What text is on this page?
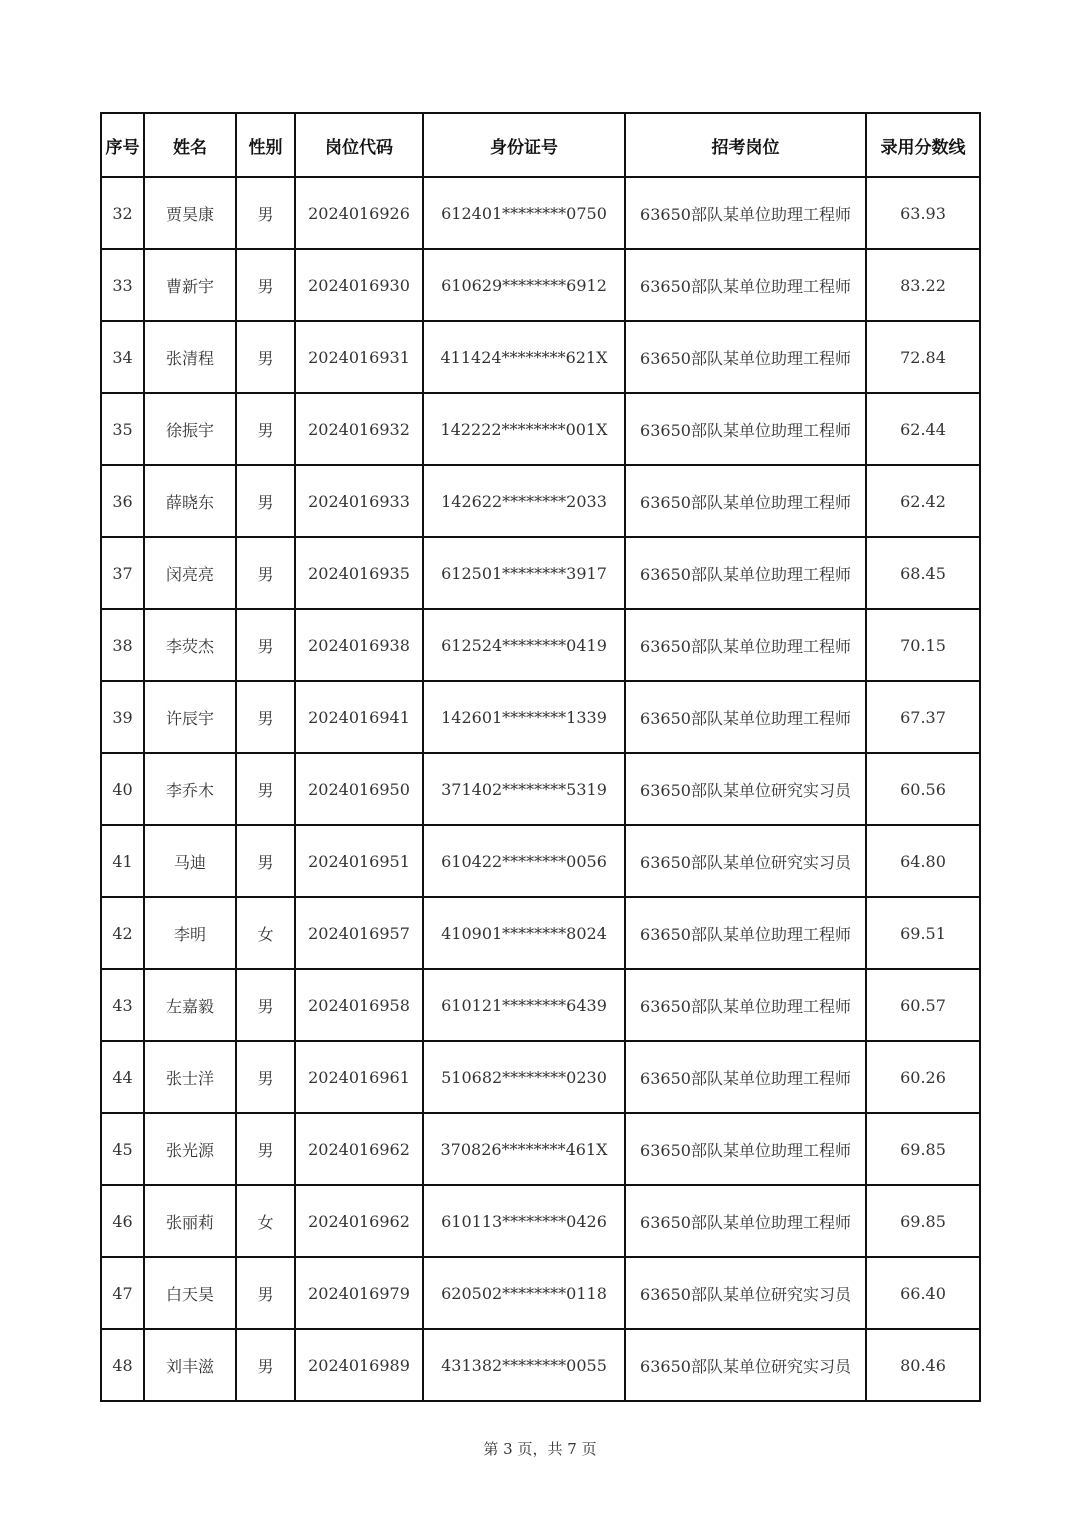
序号	姓名	性别	岗位代码	身份证号	招考岗位	录用分数线
32	贾昊康	男	2024016926	612401********0750	63650部队某单位助理工程师	63.93
33	曹新宇	男	2024016930	610629********6912	63650部队某单位助理工程师	83.22
34	张清程	男	2024016931	411424********621X	63650部队某单位助理工程师	72.84
35	徐振宇	男	2024016932	142222********001X	63650部队某单位助理工程师	62.44
36	薛晓东	男	2024016933	142622********2033	63650部队某单位助理工程师	62.42
37	闵亮亮	男	2024016935	612501********3917	63650部队某单位助理工程师	68.45
38	李荧杰	男	2024016938	612524********0419	63650部队某单位助理工程师	70.15
39	许辰宇	男	2024016941	142601********1339	63650部队某单位助理工程师	67.37
40	李乔木	男	2024016950	371402********5319	63650部队某单位研究实习员	60.56
41	马迪	男	2024016951	610422********0056	63650部队某单位研究实习员	64.80
42	李明	女	2024016957	410901********8024	63650部队某单位助理工程师	69.51
43	左嘉毅	男	2024016958	610121********6439	63650部队某单位助理工程师	60.57
44	张士洋	男	2024016961	510682********0230	63650部队某单位助理工程师	60.26
45	张光源	男	2024016962	370826********461X	63650部队某单位助理工程师	69.85
46	张丽莉	女	2024016962	610113********0426	63650部队某单位助理工程师	69.85
47	白天昊	男	2024016979	620502********0118	63650部队某单位研究实习员	66.40
48	刘丰滋	男	2024016989	431382********0055	63650部队某单位研究实习员	80.46
第 3 页，共 7 页
